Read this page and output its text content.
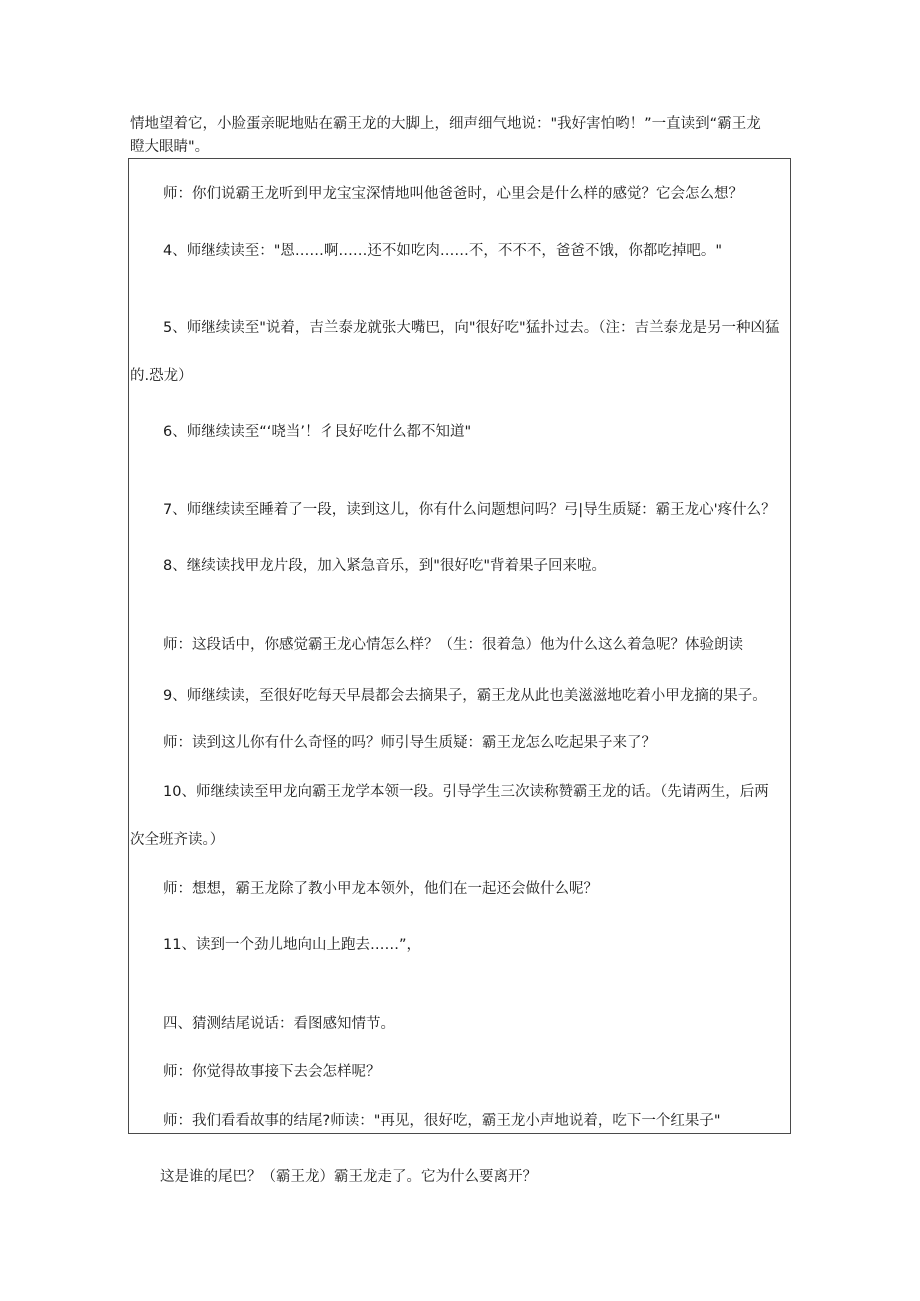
情地望着它，小脸蛋亲昵地贴在霸王龙的大脚上，细声细气地说："我好害怕哟！”一直读到“霸王龙
瞪大眼睛"。
师：你们说霸王龙听到甲龙宝宝深情地叫他爸爸时，心里会是什么样的感觉？它会怎么想？
4、师继续读至："恩……啊……还不如吃肉……不，不不不，爸爸不饿，你都吃掉吧。"
5、师继续读至"说着，吉兰泰龙就张大嘴巴，向"很好吃"猛扑过去。（注：吉兰泰龙是另一种凶猛
的.恐龙）
6、师继续读至“‘哓当’！彳艮好吃什么都不知道"
7、师继续读至睡着了一段，读到这儿，你有什么问题想问吗？弓|导生质疑：霸王龙心'疼什么？
8、继续读找甲龙片段，加入紧急音乐，到"很好吃"背着果子回来啦。
师：这段话中，你感觉霸王龙心情怎么样？（生：很着急）他为什么这么着急呢？体验朗读
9、师继续读，至很好吃每天早晨都会去摘果子，霸王龙从此也美滋滋地吃着小甲龙摘的果子。
师：读到这儿你有什么奇怪的吗？师引导生质疑：霸王龙怎么吃起果子来了？
10、师继续读至甲龙向霸王龙学本领一段。引导学生三次读称赞霸王龙的话。（先请两生，后两
次全班齐读。）
师：想想，霸王龙除了教小甲龙本领外，他们在一起还会做什么呢？
11、读到一个劲儿地向山上跑去……”，
四、猜测结尾说话：看图感知情节。
师：你觉得故事接下去会怎样呢？
师：我们看看故事的结尾?师读："再见，很好吃，霸王龙小声地说着，吃下一个红果子"
这是谁的尾巴？（霸王龙）霸王龙走了。它为什么要离开？
